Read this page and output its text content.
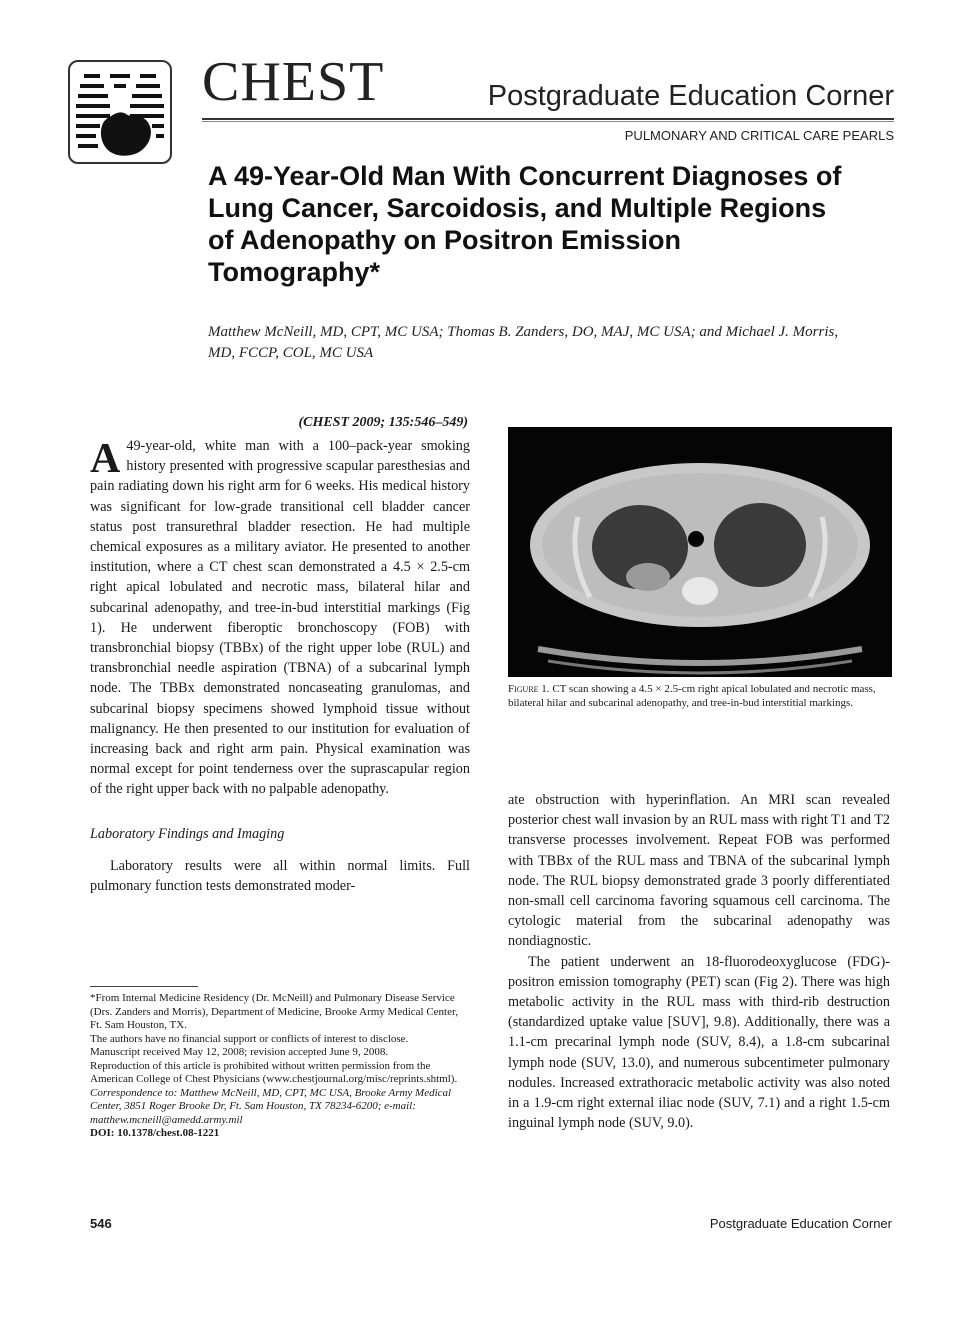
CHEST	Postgraduate Education Corner
PULMONARY AND CRITICAL CARE PEARLS
A 49-Year-Old Man With Concurrent Diagnoses of Lung Cancer, Sarcoidosis, and Multiple Regions of Adenopathy on Positron Emission Tomography*
Matthew McNeill, MD, CPT, MC USA; Thomas B. Zanders, DO, MAJ, MC USA; and Michael J. Morris, MD, FCCP, COL, MC USA
(CHEST 2009; 135:546–549)

A 49-year-old, white man with a 100–pack-year smoking history presented with progressive scapular paresthesias and pain radiating down his right arm for 6 weeks. His medical history was significant for low-grade transitional cell bladder cancer status post transurethral bladder resection. He had multiple chemical exposures as a military aviator. He presented to another institution, where a CT chest scan demonstrated a 4.5 × 2.5-cm right apical lobulated and necrotic mass, bilateral hilar and subcarinal adenopathy, and tree-in-bud interstitial markings (Fig 1). He underwent fiberoptic bronchoscopy (FOB) with transbronchial biopsy (TBBx) of the right upper lobe (RUL) and transbronchial needle aspiration (TBNA) of a subcarinal lymph node. The TBBx demonstrated noncaseating granulomas, and subcarinal biopsy specimens showed lymphoid tissue without malignancy. He then presented to our institution for evaluation of increasing back and right arm pain. Physical examination was normal except for point tenderness over the suprascapular region of the right upper back with no palpable adenopathy.

Laboratory Findings and Imaging

Laboratory results were all within normal limits. Full pulmonary function tests demonstrated moder-

*From Internal Medicine Residency (Dr. McNeill) and Pulmonary Disease Service (Drs. Zanders and Morris), Department of Medicine, Brooke Army Medical Center, Ft. Sam Houston, TX.

The authors have no financial support or conflicts of interest to disclose.

Manuscript received May 12, 2008; revision accepted June 9, 2008.

Reproduction of this article is prohibited without written permission from the American College of Chest Physicians (www.chestjournal.org/misc/reprints.shtml).

Correspondence to: Matthew McNeill, MD, CPT, MC USA, Brooke Army Medical Center, 3851 Roger Brooke Dr, Ft. Sam Houston, TX 78234-6200; e-mail: matthew.mcneill@amedd.army.mil

DOI: 10.1378/chest.08-1221

Figure 1. CT scan showing a 4.5 × 2.5-cm right apical lobulated and necrotic mass, bilateral hilar and subcarinal adenopathy, and tree-in-bud interstitial markings.

ate obstruction with hyperinflation. An MRI scan revealed posterior chest wall invasion by an RUL mass with right T1 and T2 transverse processes involvement. Repeat FOB was performed with TBBx of the RUL mass and TBNA of the subcarinal lymph node. The RUL biopsy demonstrated grade 3 poorly differentiated non-small cell carcinoma favoring squamous cell carcinoma. The cytologic material from the subcarinal adenopathy was nondiagnostic.

The patient underwent an 18-fluorodeoxyglucose (FDG)-positron emission tomography (PET) scan (Fig 2). There was high metabolic activity in the RUL mass with third-rib destruction (standardized uptake value [SUV], 9.8). Additionally, there was a 1.1-cm precarinal lymph node (SUV, 8.4), a 1.8-cm subcarinal lymph node (SUV, 13.0), and numerous subcentimeter pulmonary nodules. Increased extrathoracic metabolic activity was also noted in a 1.9-cm right external iliac node (SUV, 7.1) and a right 1.5-cm inguinal lymph node (SUV, 9.0).

546	Postgraduate Education Corner
